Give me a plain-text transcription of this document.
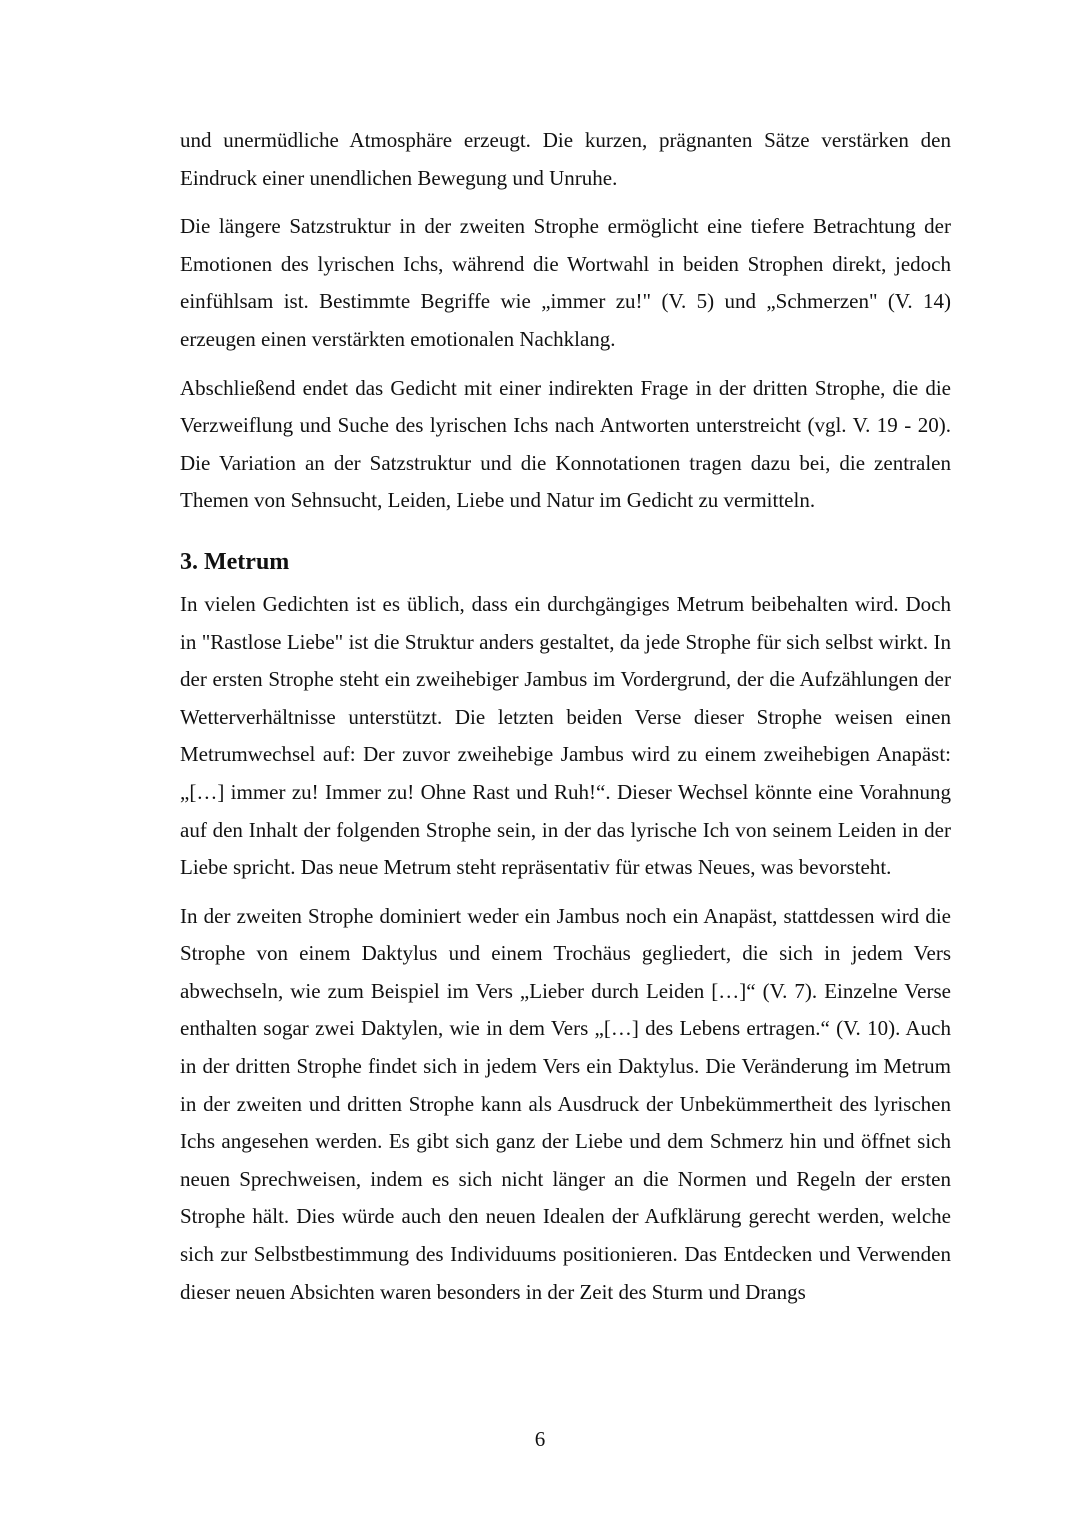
und unermüdliche Atmosphäre erzeugt. Die kurzen, prägnanten Sätze verstärken den Eindruck einer unendlichen Bewegung und Unruhe.

Die längere Satzstruktur in der zweiten Strophe ermöglicht eine tiefere Betrachtung der Emotionen des lyrischen Ichs, während die Wortwahl in beiden Strophen direkt, jedoch einfühlsam ist. Bestimmte Begriffe wie „immer zu!" (V. 5) und „Schmerzen" (V. 14) erzeugen einen verstärkten emotionalen Nachklang.

Abschließend endet das Gedicht mit einer indirekten Frage in der dritten Strophe, die die Verzweiflung und Suche des lyrischen Ichs nach Antworten unterstreicht (vgl. V. 19 - 20). Die Variation an der Satzstruktur und die Konnotationen tragen dazu bei, die zentralen Themen von Sehnsucht, Leiden, Liebe und Natur im Gedicht zu vermitteln.

3. Metrum

In vielen Gedichten ist es üblich, dass ein durchgängiges Metrum beibehalten wird. Doch in "Rastlose Liebe" ist die Struktur anders gestaltet, da jede Strophe für sich selbst wirkt. In der ersten Strophe steht ein zweihebiger Jambus im Vordergrund, der die Aufzählungen der Wetterverhältnisse unterstützt. Die letzten beiden Verse dieser Strophe weisen einen Metrumwechsel auf: Der zuvor zweihebige Jambus wird zu einem zweihebigen Anapäst: „[…] immer zu! Immer zu! Ohne Rast und Ruh!“. Dieser Wechsel könnte eine Vorahnung auf den Inhalt der folgenden Strophe sein, in der das lyrische Ich von seinem Leiden in der Liebe spricht. Das neue Metrum steht repräsentativ für etwas Neues, was bevorsteht.

In der zweiten Strophe dominiert weder ein Jambus noch ein Anapäst, stattdessen wird die Strophe von einem Daktylus und einem Trochäus gegliedert, die sich in jedem Vers abwechseln, wie zum Beispiel im Vers „Lieber durch Leiden […]“ (V. 7). Einzelne Verse enthalten sogar zwei Daktylen, wie in dem Vers „[…] des Lebens ertragen.“ (V. 10). Auch in der dritten Strophe findet sich in jedem Vers ein Daktylus. Die Veränderung im Metrum in der zweiten und dritten Strophe kann als Ausdruck der Unbekümmertheit des lyrischen Ichs angesehen werden. Es gibt sich ganz der Liebe und dem Schmerz hin und öffnet sich neuen Sprechweisen, indem es sich nicht länger an die Normen und Regeln der ersten Strophe hält. Dies würde auch den neuen Idealen der Aufklärung gerecht werden, welche sich zur Selbstbestimmung des Individuums positionieren. Das Entdecken und Verwenden dieser neuen Absichten waren besonders in der Zeit des Sturm und Drangs

6
